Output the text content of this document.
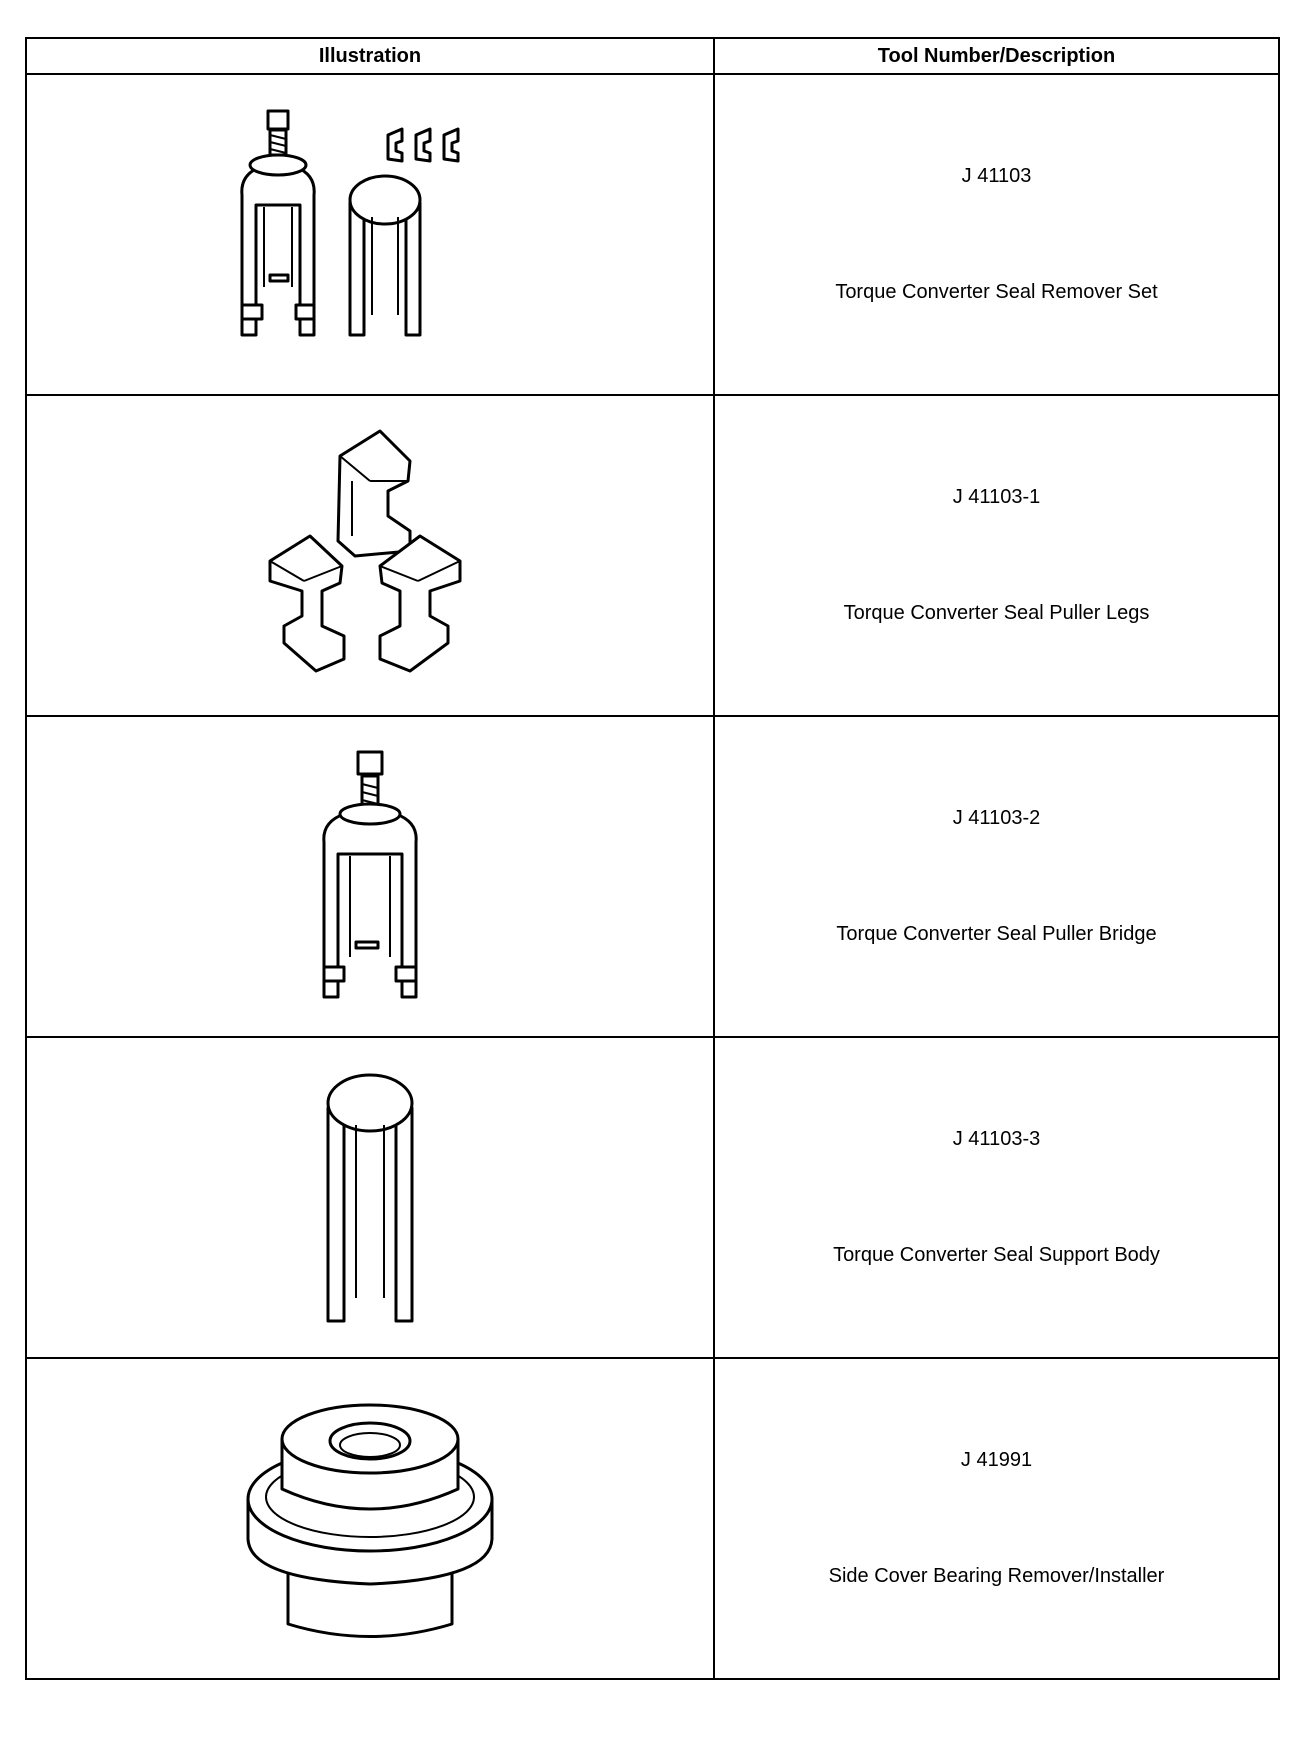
Illustration	Tool Number/Description

J 41103
Torque Converter Seal Remover Set

J 41103-1
Torque Converter Seal Puller Legs

J 41103-2
Torque Converter Seal Puller Bridge

J 41103-3
Torque Converter Seal Support Body

J 41991
Side Cover Bearing Remover/Installer
